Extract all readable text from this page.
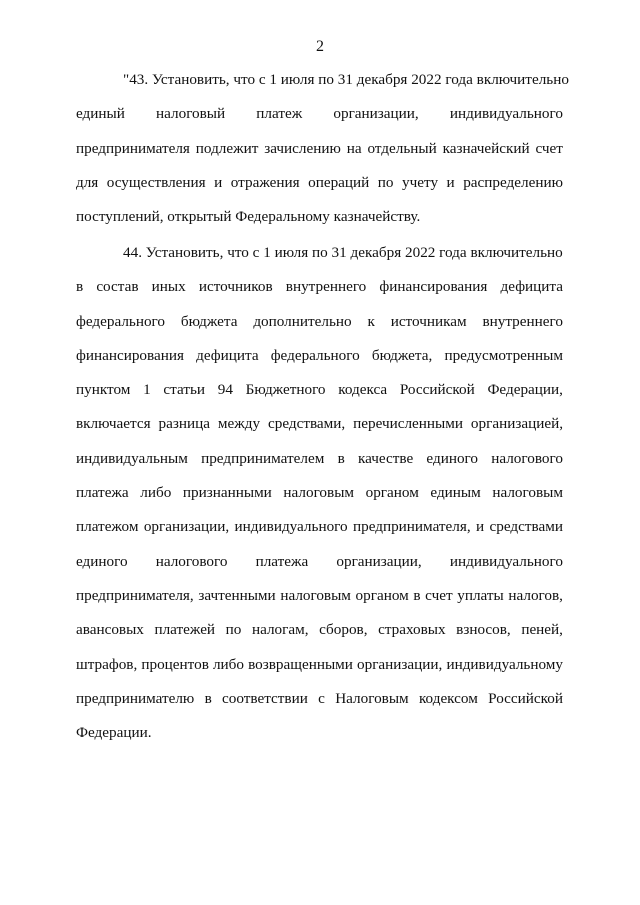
2
"43. Установить, что с 1 июля по 31 декабря 2022 года включительно
единый налоговый платеж организации, индивидуального
предпринимателя подлежит зачислению на отдельный казначейский счет
для осуществления и отражения операций по учету и распределению
поступлений, открытый Федеральному казначейству.
44. Установить, что с 1 июля по 31 декабря 2022 года включительно
в состав иных источников внутреннего финансирования дефицита
федерального бюджета дополнительно к источникам внутреннего
финансирования дефицита федерального бюджета, предусмотренным
пунктом 1 статьи 94 Бюджетного кодекса Российской Федерации,
включается разница между средствами, перечисленными организацией,
индивидуальным предпринимателем в качестве единого налогового
платежа либо признанными налоговым органом единым налоговым
платежом организации, индивидуального предпринимателя, и средствами
единого налогового платежа организации, индивидуального
предпринимателя, зачтенными налоговым органом в счет уплаты налогов,
авансовых платежей по налогам, сборов, страховых взносов, пеней,
штрафов, процентов либо возвращенными организации, индивидуальному
предпринимателю в соответствии с Налоговым кодексом Российской
Федерации.
